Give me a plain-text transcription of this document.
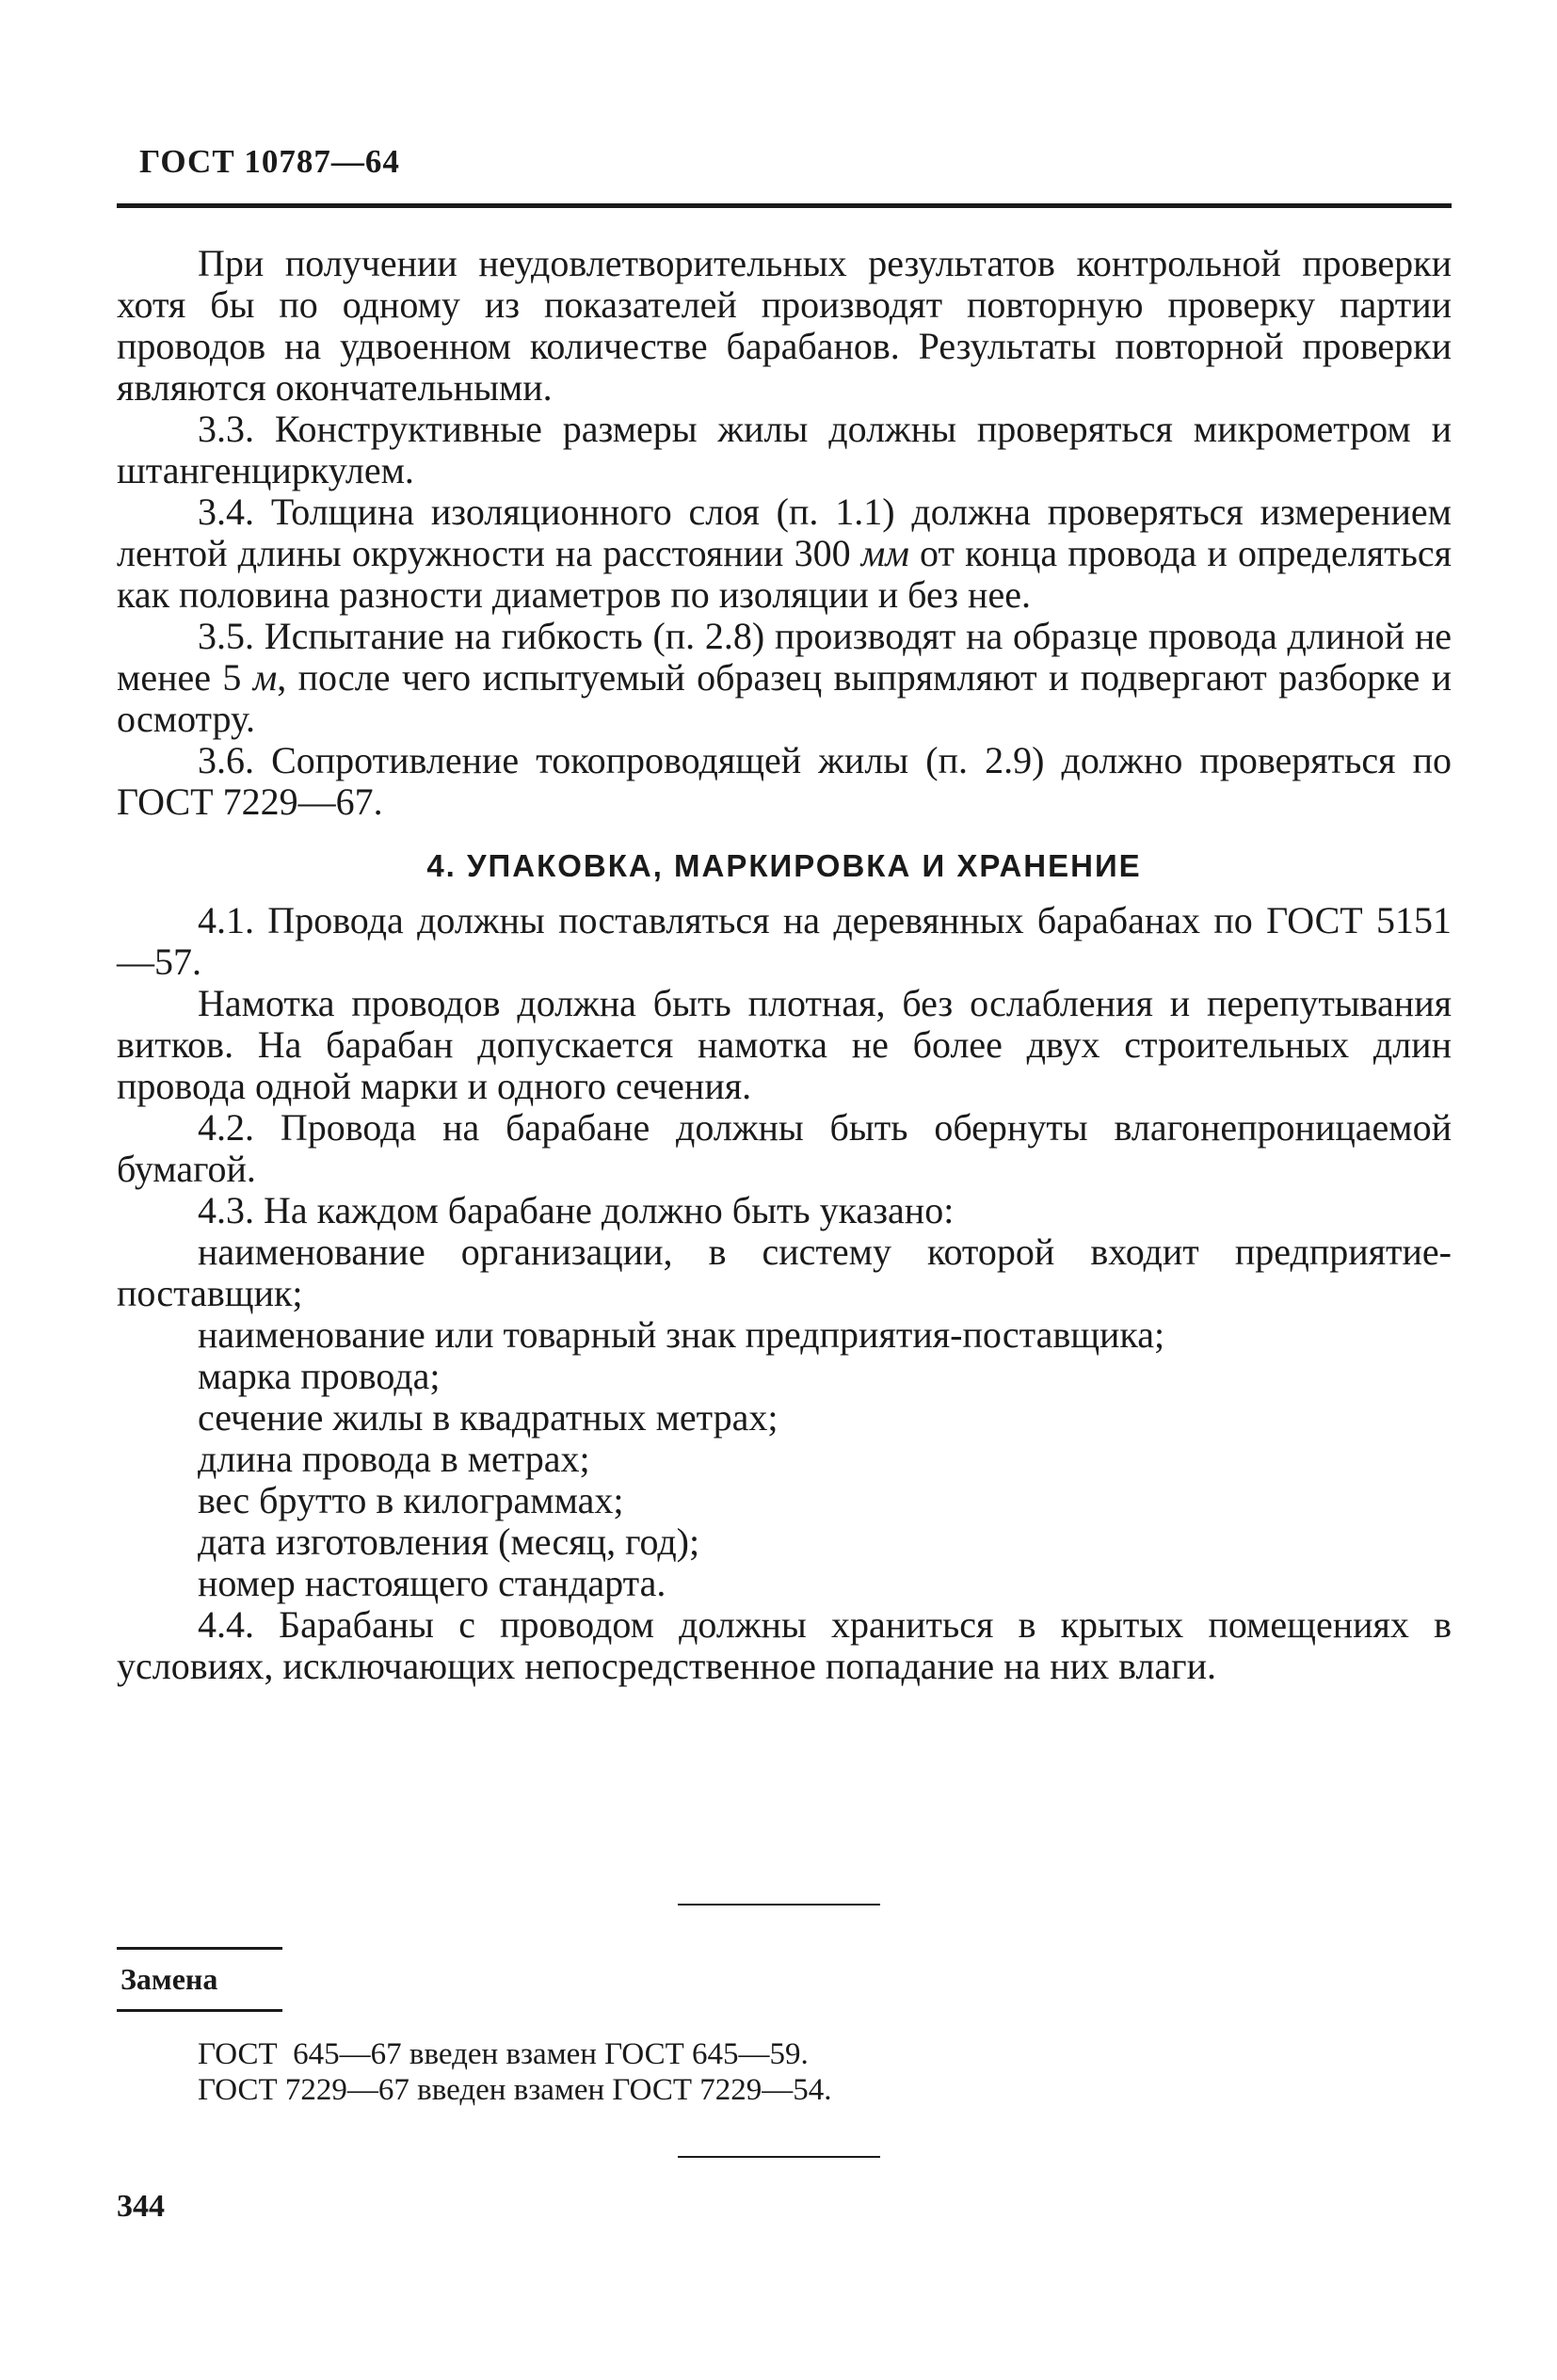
ГОСТ 10787—64

При получении неудовлетворительных результатов контрольной проверки хотя бы по одному из показателей производят повторную проверку партии проводов на удвоенном количестве барабанов. Результаты повторной проверки являются окончательными.

3.3. Конструктивные размеры жилы должны проверяться микрометром и штангенциркулем.

3.4. Толщина изоляционного слоя (п. 1.1) должна проверяться измерением лентой длины окружности на расстоянии 300 мм от конца провода и определяться как половина разности диаметров по изоляции и без нее.

3.5. Испытание на гибкость (п. 2.8) производят на образце провода длиной не менее 5 м, после чего испытуемый образец выпрямляют и подвергают разборке и осмотру.

3.6. Сопротивление токопроводящей жилы (п. 2.9) должно проверяться по ГОСТ 7229—67.

4. УПАКОВКА, МАРКИРОВКА И ХРАНЕНИЕ

4.1. Провода должны поставляться на деревянных барабанах по ГОСТ 5151—57.

Намотка проводов должна быть плотная, без ослабления и перепутывания витков. На барабан допускается намотка не более двух строительных длин провода одной марки и одного сечения.

4.2. Провода на барабане должны быть обернуты влагонепроницаемой бумагой.

4.3. На каждом барабане должно быть указано:

наименование организации, в систему которой входит предприятие-поставщик;

наименование или товарный знак предприятия-поставщика;

марка провода;

сечение жилы в квадратных метрах;

длина провода в метрах;

вес брутто в килограммах;

дата изготовления (месяц, год);

номер настоящего стандарта.

4.4. Барабаны с проводом должны храниться в крытых помещениях в условиях, исключающих непосредственное попадание на них влаги.

Замена
ГОСТ  645—67 введен взамен ГОСТ 645—59.
ГОСТ 7229—67 введен взамен ГОСТ 7229—54.
344
